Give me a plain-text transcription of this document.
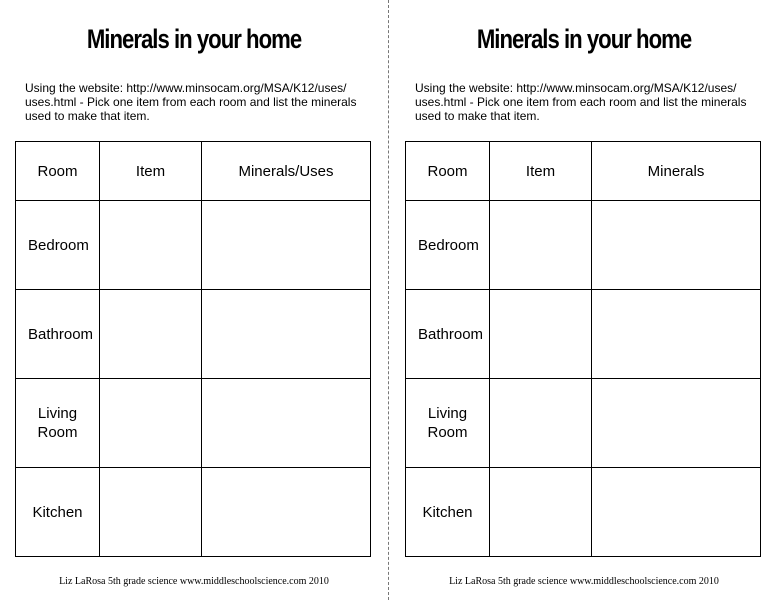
Minerals in your home
Using the website: http://www.minsocam.org/MSA/K12/uses/ uses.html - Pick one item from each room and list the minerals used to make that item.
Room	Item	Minerals/Uses
Bedroom		
Bathroom		
Living Room		
Kitchen		
Liz LaRosa 5th grade science www.middleschoolscience.com 2010
Minerals in your home
Using the website: http://www.minsocam.org/MSA/K12/uses/ uses.html - Pick one item from each room and list the minerals used to make that item.
Room	Item	Minerals
Bedroom		
Bathroom		
Living Room		
Kitchen		
Liz LaRosa 5th grade science www.middleschoolscience.com 2010
